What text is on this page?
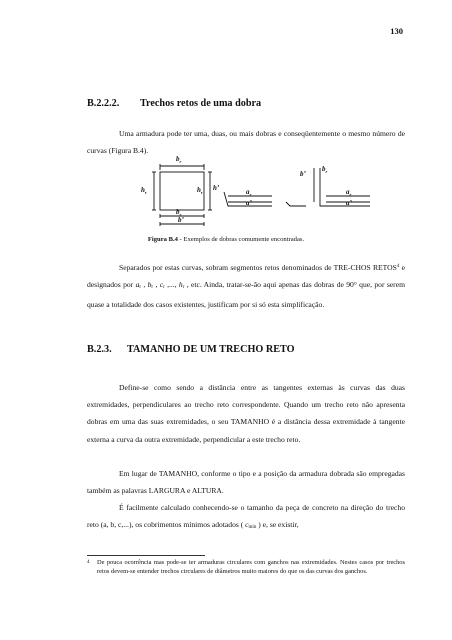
130
B.2.2.2. Trechos retos de uma dobra
Uma armadura pode ter uma, duas, ou mais dobras e conseqüentemente o mesmo número de curvas (Figura B.4).
$b_r$
$h_r$	$h_r$
h’
$b_r$
b’
$a_r$
a’
b’
$b_r$
$a_r$
a’
Figura B.4 - Exemplos de dobras comumente encontradas.
Separados por estas curvas, sobram segmentos retos denominados de TRE-CHOS RETOS$^4$ e designados por $a_r$ , $b_r$ , $c_r$ ,..., $h_r$ , etc. Ainda, tratar-se-ão aqui apenas das dobras de 90° que, por serem quase a totalidade dos casos existentes, justificam por si só esta simplificação.
B.2.3. TAMANHO DE UM TRECHO RETO
Define-se como sendo a distância entre as tangentes externas às curvas das duas extremidades, perpendiculares ao trecho reto correspondente. Quando um trecho reto não apresenta dobras em uma das suas extremidades, o seu TAMANHO é a distância dessa extremidade à tangente externa a curva da outra extremidade, perpendicular a este trecho reto.
Em lugar de TAMANHO, conforme o tipo e a posição da armadura dobrada são empregadas também as palavras LARGURA e ALTURA.
É facilmente calculado conhecendo-se o tamanho da peça de concreto na direção do trecho reto (a, b, c,...), os cobrimentos mínimos adotados ( $c_{mín}$ ) e, se existir,
4	De pouca ocorrência mas pode-se ter armaduras circulares com ganchos nas extremidades. Nestes casos por trechos retos devem-se entender trechos circulares de diâmetros muito maiores do que os das curvas dos ganchos.
